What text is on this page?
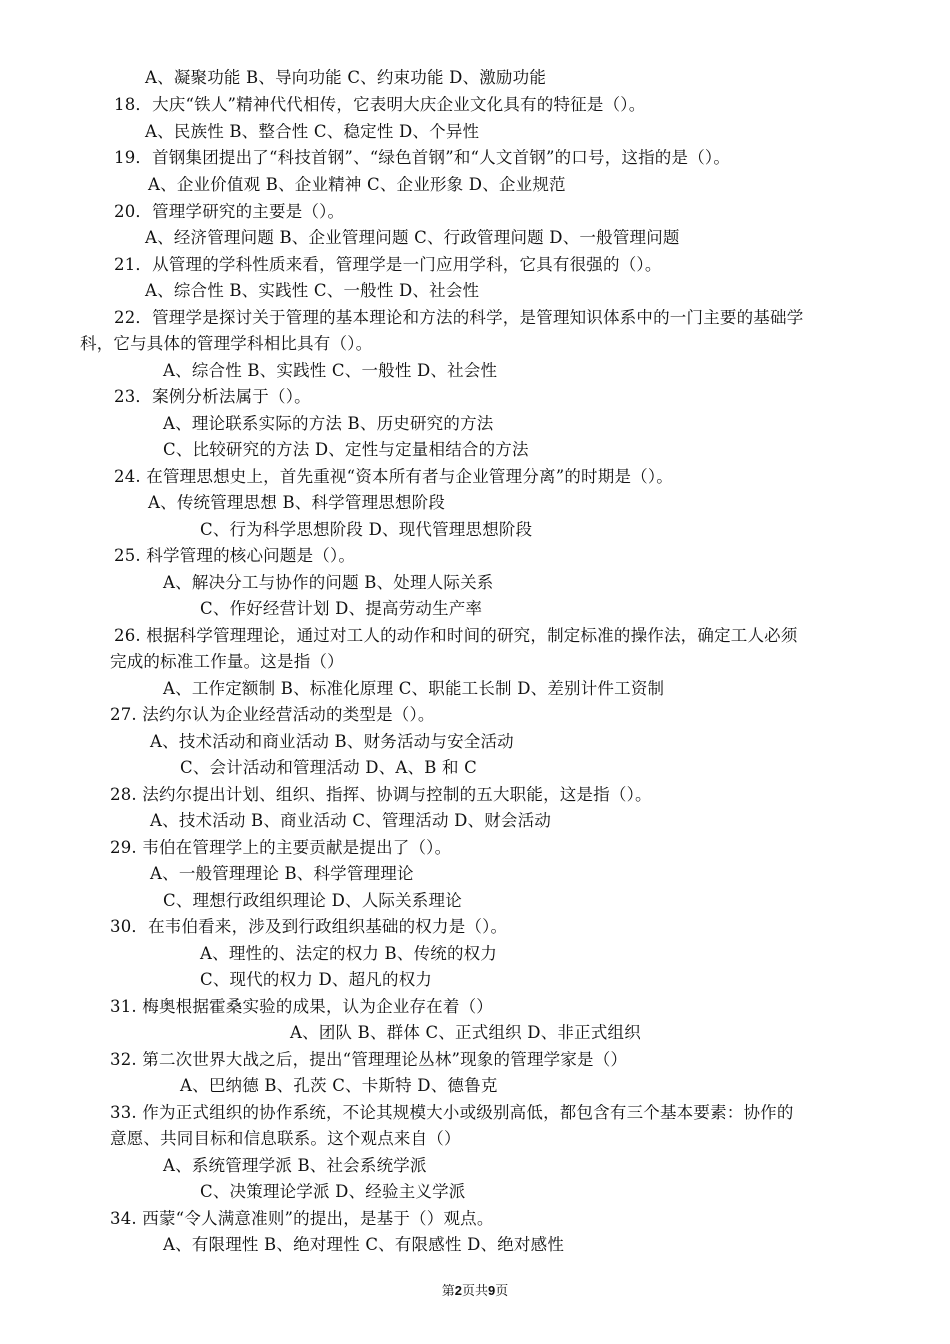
A、凝聚功能 B、导向功能 C、约束功能 D、激励功能
18．大庆“铁人”精神代代相传，它表明大庆企业文化具有的特征是（）。
A、民族性 B、整合性 C、稳定性 D、个异性
19．首钢集团提出了“科技首钢”、“绿色首钢”和“人文首钢”的口号，这指的是（）。
A、企业价值观 B、企业精神 C、企业形象 D、企业规范
20．管理学研究的主要是（）。
A、经济管理问题 B、企业管理问题 C、行政管理问题 D、一般管理问题
21．从管理的学科性质来看，管理学是一门应用学科，它具有很强的（）。
A、综合性 B、实践性 C、一般性 D、社会性
22．管理学是探讨关于管理的基本理论和方法的科学，是管理知识体系中的一门主要的基础学
科，它与具体的管理学科相比具有（）。
A、综合性 B、实践性 C、一般性 D、社会性
23．案例分析法属于（）。
A、理论联系实际的方法 B、历史研究的方法
C、比较研究的方法 D、定性与定量相结合的方法
24. 在管理思想史上，首先重视“资本所有者与企业管理分离”的时期是（）。
A、传统管理思想 B、科学管理思想阶段
C、行为科学思想阶段 D、现代管理思想阶段
25. 科学管理的核心问题是（）。
A、解决分工与协作的问题 B、处理人际关系
C、作好经营计划 D、提高劳动生产率
26. 根据科学管理理论，通过对工人的动作和时间的研究，制定标准的操作法，确定工人必须
完成的标准工作量。这是指（）
A、工作定额制 B、标准化原理 C、职能工长制 D、差别计件工资制
27. 法约尔认为企业经营活动的类型是（）。
A、技术活动和商业活动 B、财务活动与安全活动
C、会计活动和管理活动 D、A、B 和 C
28. 法约尔提出计划、组织、指挥、协调与控制的五大职能，这是指（）。
A、技术活动 B、商业活动 C、管理活动 D、财会活动
29. 韦伯在管理学上的主要贡献是提出了（）。
A、一般管理理论 B、科学管理理论
C、理想行政组织理论 D、人际关系理论
30．在韦伯看来，涉及到行政组织基础的权力是（）。
A、理性的、法定的权力 B、传统的权力
C、现代的权力 D、超凡的权力
31. 梅奥根据霍桑实验的成果，认为企业存在着（）
A、团队 B、群体 C、正式组织 D、非正式组织
32. 第二次世界大战之后，提出“管理理论丛林”现象的管理学家是（）
A、巴纳德 B、孔茨 C、卡斯特 D、德鲁克
33. 作为正式组织的协作系统，不论其规模大小或级别高低，都包含有三个基本要素：协作的
意愿、共同目标和信息联系。这个观点来自（）
A、系统管理学派 B、社会系统学派
C、决策理论学派 D、经验主义学派
34. 西蒙“令人满意准则”的提出，是基于（）观点。
A、有限理性 B、绝对理性 C、有限感性 D、绝对感性
第2页共9页
